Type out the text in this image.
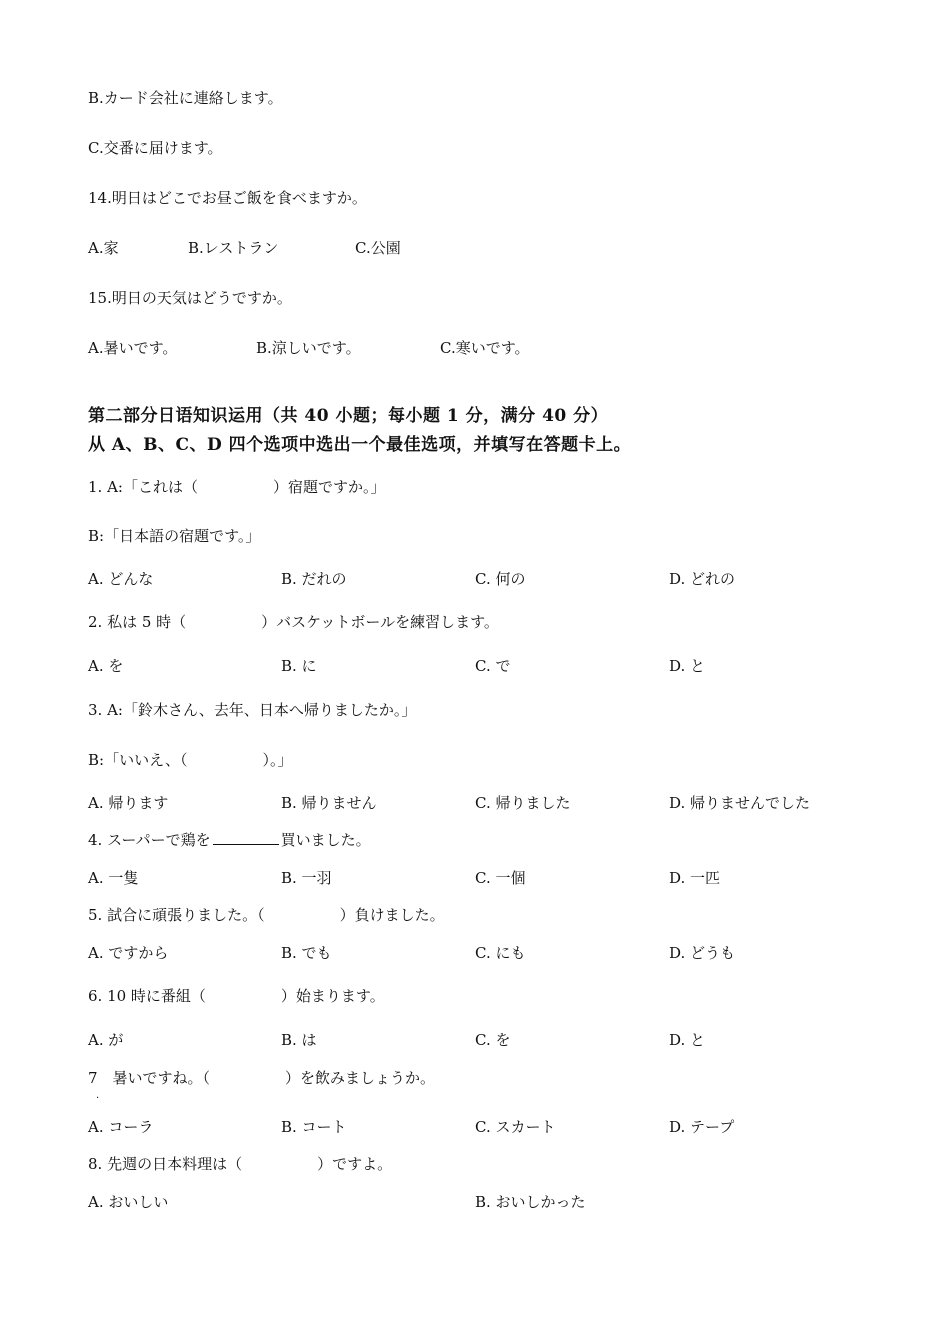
B.カード会社に連絡します。
C.交番に届けます。
14.明日はどこでお昼ご飯を食べますか。
A.家	B.レストラン	C.公園
15.明日の天気はどうですか。
A.暑いです。	B.涼しいです。	C.寒いです。
第二部分日语知识运用（共 40 小题；每小题 1 分，满分 40 分）
从 A、B、C、D 四个选项中选出一个最佳选项，并填写在答题卡上。
1. A:「これは（　　　　　）宿題ですか。」
B:「日本語の宿題です。」
A. どんな	B. だれの	C. 何の	D. どれの
2. 私は 5 時（　　　　　）バスケットボールを練習します。
A. を	B. に	C. で	D. と
3. A:「鈴木さん、去年、日本へ帰りましたか。」
B:「いいえ、（　　　　　）。」
A. 帰ります	B. 帰りません	C. 帰りました	D. 帰りませんでした
4. スーパーで鶏を	買いました。
A. 一隻	B. 一羽	C. 一個	D. 一匹
5. 試合に頑張りました。（　　　　　）負けました。
A. ですから	B. でも	C. にも	D. どうも
6. 10 時に番組（　　　　　）始まります。
A. が	B. は	C. を	D. と
7　暑いですね。（　　　　　）を飲みましょうか。
·
A. コーラ	B. コート	C. スカート	D. テープ
8. 先週の日本料理は（　　　　　）ですよ。
A. おいしい	B. おいしかった
